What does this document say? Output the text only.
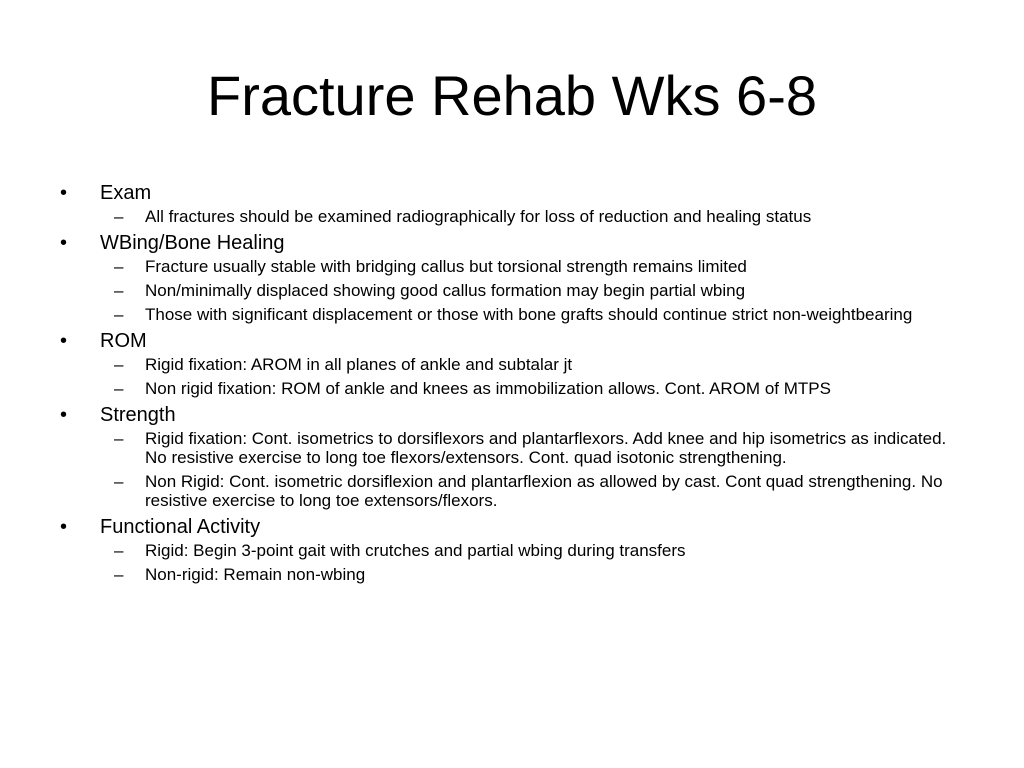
Fracture Rehab Wks 6-8
• Exam
– All fractures should be examined radiographically for loss of reduction and healing status
• WBing/Bone Healing
– Fracture usually stable with bridging callus but torsional strength remains limited
– Non/minimally displaced showing good callus formation may begin partial wbing
– Those with significant displacement or those with bone grafts should continue strict non-weightbearing
• ROM
– Rigid fixation: AROM in all planes of ankle and subtalar jt
– Non rigid fixation: ROM of ankle and knees as immobilization allows. Cont. AROM of MTPS
• Strength
– Rigid fixation: Cont. isometrics to dorsiflexors and plantarflexors. Add knee and hip isometrics as indicated. No resistive exercise to long toe flexors/extensors. Cont. quad isotonic strengthening.
– Non Rigid: Cont. isometric dorsiflexion and plantarflexion as allowed by cast. Cont quad strengthening. No resistive exercise to long toe extensors/flexors.
• Functional Activity
– Rigid: Begin 3-point gait with crutches and partial wbing during transfers
– Non-rigid: Remain non-wbing
